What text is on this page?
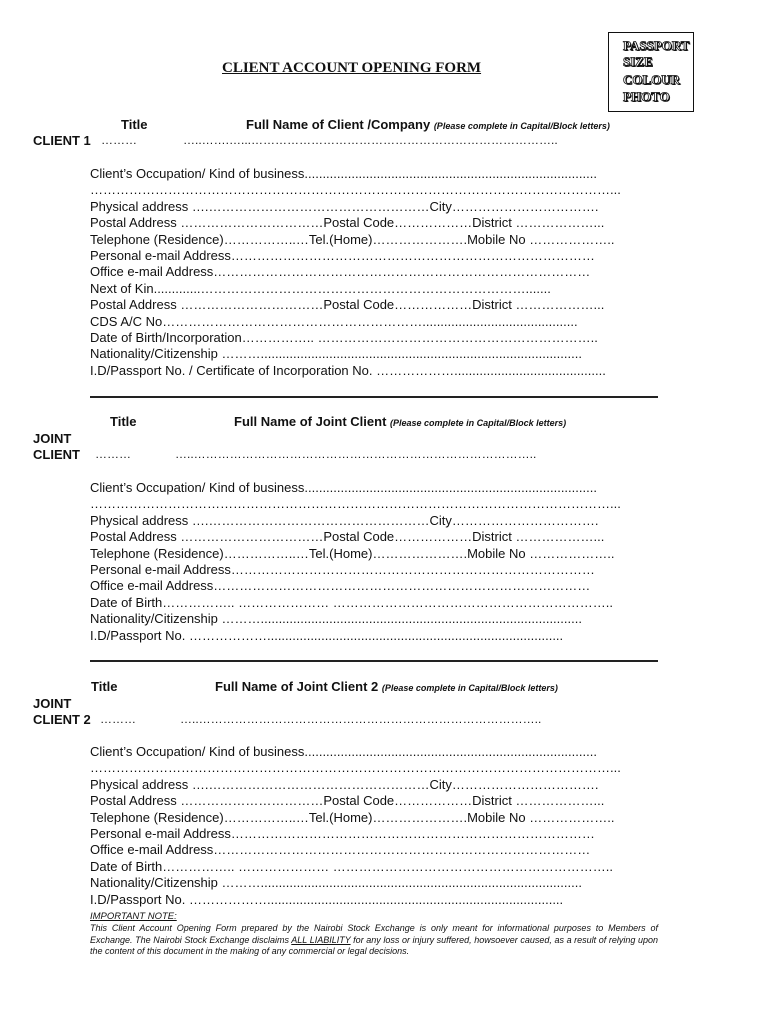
CLIENT ACCOUNT OPENING FORM
PASSPORT
SIZE
COLOUR
PHOTO
Title	Full Name of Client /Company (Please complete in Capital/Block letters)
CLIENT 1 ………	…..…….…...…………………………………………………………………..
Client’s Occupation/ Kind of business.................................................................................
…………………………………………………………………………………………………………...
Physical address ….……………………………………………City…………………………….
Postal Address ……………………………Postal Code………………District ………………...
Telephone (Residence)……………..…Tel.(Home)………………….Mobile No ………………..
Personal e-mail Address…………………………………………………………………………
Office e-mail Address……………………………………………………………………………
Next of Kin.............………………………………………………………………….......
Postal Address ……………………………Postal Code………………District ………………...
CDS A/C No……………………………………………………...........................................
Date of Birth/Incorporation…………….. ………………………………………………………..
Nationality/Citizenship ……….........................................................................................
I.D/Passport No. / Certificate of Incorporation No. ………………..........................................
Title	Full Name of Joint Client (Please complete in Capital/Block letters)
JOINT
CLIENT ………	…..…………………………………………………………………………..
Client’s Occupation/ Kind of business.................................................................................
…………………………………………………………………………………………………………...
Physical address ….……………………………………………City…………………………….
Postal Address ……………………………Postal Code………………District ………………...
Telephone (Residence)……………..…Tel.(Home)………………….Mobile No ………………..
Personal e-mail Address…………………………………………………………………………
Office e-mail Address……………………………………………………………………………
Date of Birth…………….. ………………… ………………………………………………………..
Nationality/Citizenship ……….........................................................................................
I.D/Passport No. ………………..................................................................................
Title	Full Name of Joint Client 2 (Please complete in Capital/Block letters)
JOINT
CLIENT 2 ………	…..…………………………………………………………………………..
Client’s Occupation/ Kind of business.................................................................................
…………………………………………………………………………………………………………...
Physical address ….……………………………………………City…………………………….
Postal Address ……………………………Postal Code………………District ………………...
Telephone (Residence)……………..…Tel.(Home)………………….Mobile No ………………..
Personal e-mail Address…………………………………………………………………………
Office e-mail Address……………………………………………………………………………
Date of Birth…………….. ………………… ………………………………………………………..
Nationality/Citizenship ……….........................................................................................
I.D/Passport No. ………………..................................................................................
IMPORTANT NOTE:
This Client Account Opening Form prepared by the Nairobi Stock Exchange is only meant for informational purposes to Members of Exchange. The Nairobi Stock Exchange disclaims ALL LIABILITY for any loss or injury suffered, howsoever caused, as a result of relying upon the content of this document in the making of any commercial or legal decisions.
